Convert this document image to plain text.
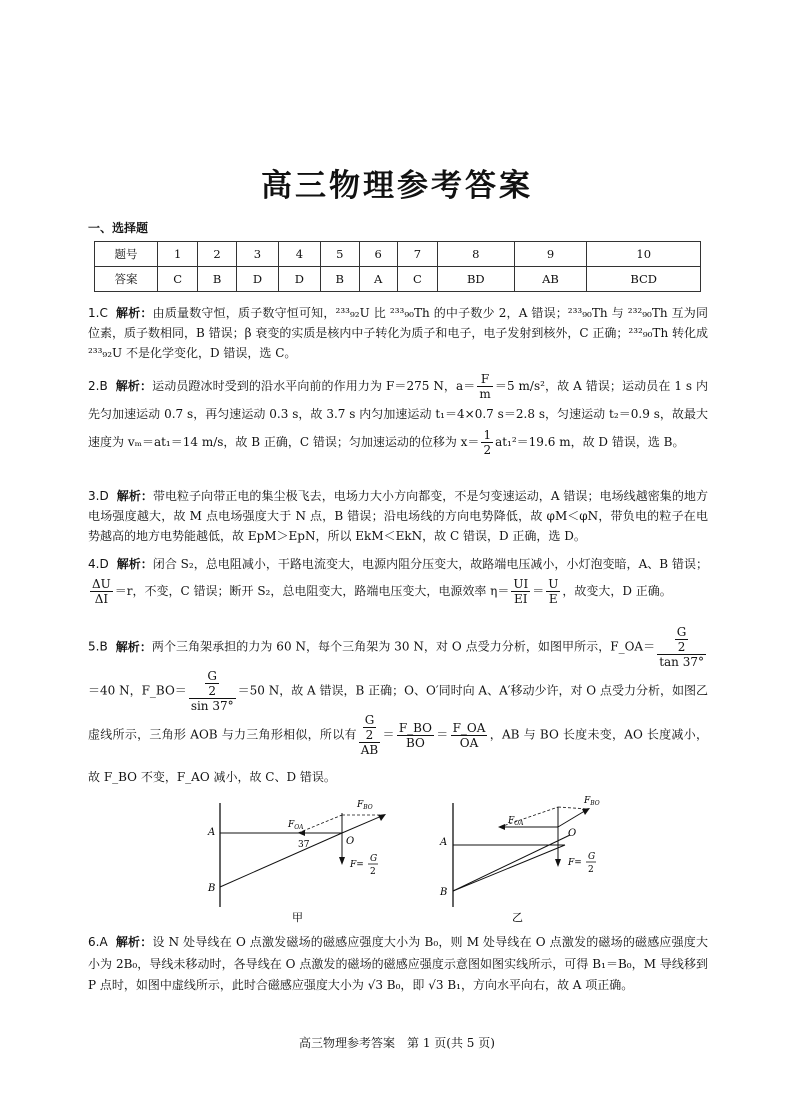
高三物理参考答案
一、选择题
题号	1	2	3	4	5	6	7	8	9	10
答案	C	B	D	D	B	A	C	BD	AB	BCD
1.C 解析：由质量数守恒，质子数守恒可知，²³³₉₂U 比 ²³³₉₀Th 的中子数少 2，A 错误；²³³₉₀Th 与 ²³²₉₀Th 互为同位素，质子数相同，B 错误；β 衰变的实质是核内中子转化为质子和电子，电子发射到核外，C 正确；²³²₉₀Th 转化成 ²³³₉₂U 不是化学变化，D 错误，选 C。
2.B 解析：运动员蹬冰时受到的沿水平向前的作用力为 F＝275 N，$a= \frac{F}{m} =5$ m/s²，故 A 错误；运动员在 1 s 内先匀加速运动 0.7 s，再匀速运动 0.3 s，故 3.7 s 内匀加速运动 t₁＝4×0.7 s＝2.8 s，匀速运动 t₂＝0.9 s，故最大速度为 vₘ＝at₁＝14 m/s，故 B 正确，C 错误；匀加速运动的位移为 $x= \frac{1}{2} at_1^2=19.6$ m，故 D 错误，选 B。
3.D 解析：带电粒子向带正电的集尘极飞去，电场力大小方向都变，不是匀变速运动，A 错误；电场线越密集的地方电场强度越大，故 M 点电场强度大于 N 点，B 错误；沿电场线的方向电势降低，故 φM＜φN，带负电的粒子在电势越高的地方电势能越低，故 EpM＞EpN，所以 EkM＜EkN，故 C 错误，D 正确，选 D。
4.D 解析：闭合 S₂，总电阻减小，干路电流变大，电源内阻分压变大，故路端电压减小，小灯泡变暗，A、B 错误；
$\frac{\Delta U}{\Delta I} =r$，不变，C 错误；断开 S₂，总电阻变大，路端电压变大，电源效率 $\eta= \frac{UI}{EI} = \frac{U}{E}$ ，故变大，D 正确。
5.B 解析：两个三角架承担的力为 60 N，每个三角架为 30 N，对 O 点受力分析，如图甲所示，F_OA＝ $\frac{\frac{G}{2}}{\tan 37^\circ}$
＝40 N，F_BO＝ $\frac{\frac{G}{2}}{\sin 37^\circ} =50$ N，故 A 错误，B 正确；O、O′同时向 A、A′移动少许，对 O 点受力分析，如图乙虚线所示，三角形 AOB 与力三角形相似，所以有 $\frac{\frac{G}{2}}{AB} = \frac{F\_BO}{BO} = \frac{F\_OA}{OA}$ ，AB 与 BO 长度未变，AO 长度减小，故 F_BO 不变，F_AO 减小，故 C、D 错误。
A
B
O
37
$F_{OA}$
$F_{BO}$
F=
G
2
甲
A
B
O
$F_{OA}$
$F_{BO}$
F=
G
2
乙
6.A 解析：设 N 处导线在 O 点激发磁场的磁感应强度大小为 B₀，则 M 处导线在 O 点激发的磁场的磁感应强度大小为 2B₀，导线未移动时，各导线在 O 点激发的磁场的磁感应强度示意图如图实线所示，可得 B₁＝B₀，M 导线移到 P 点时，如图中虚线所示，此时合磁感应强度大小为 √3 B₀，即 √3 B₁，方向水平向右，故 A 项正确。
高三物理参考答案　第 1 页(共 5 页)
